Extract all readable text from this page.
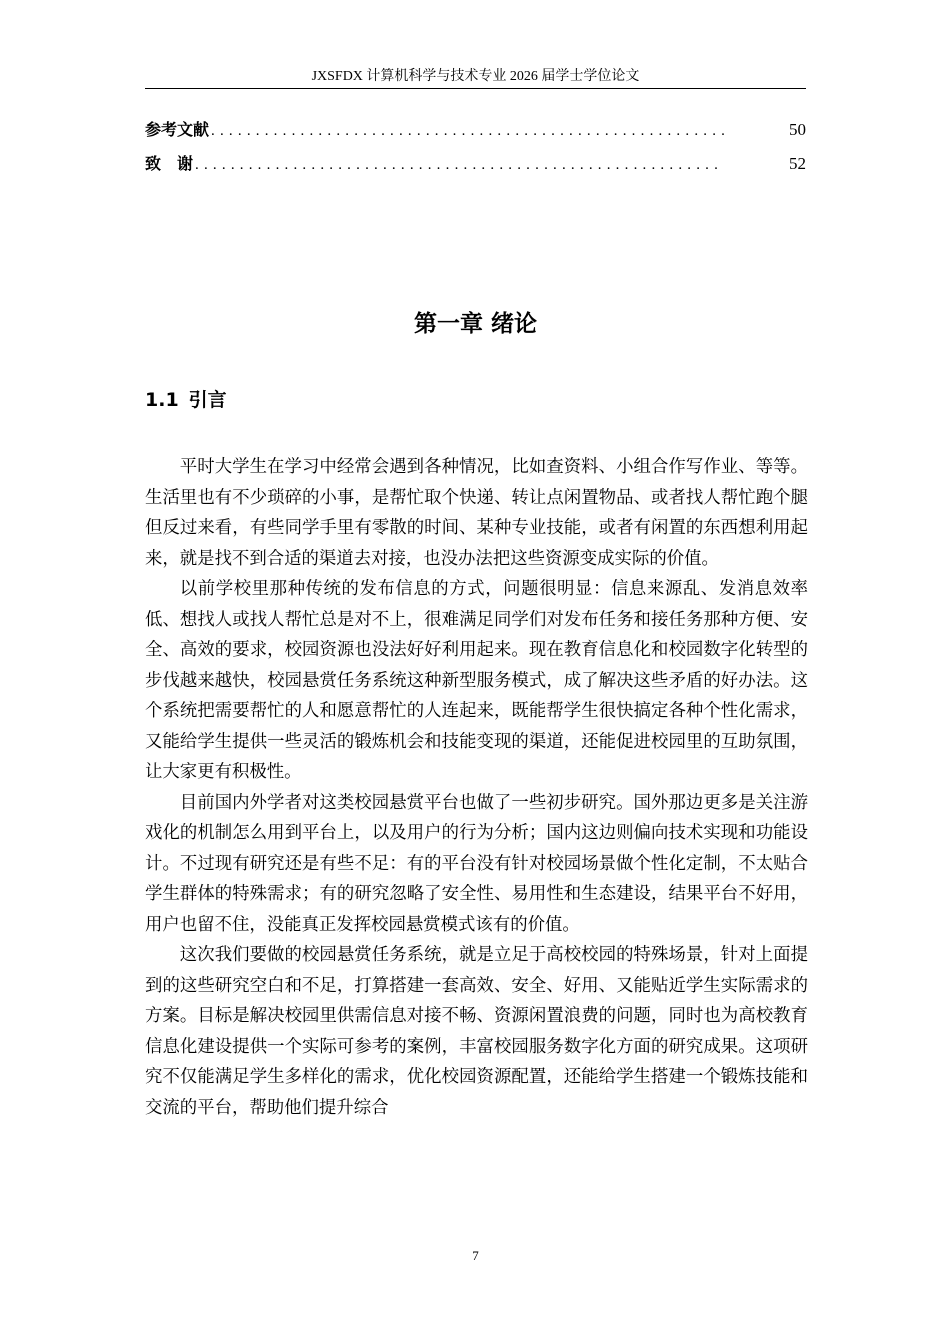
JXSFDX 计算机科学与技术专业 2026 届学士学位论文
参考文献 ..........................................................	50
致 谢 ...........................................................	52
第一章 绪论
1.1 引言

平时大学生在学习中经常会遇到各种情况，比如查资料、小组合作写作业、等等。生活里也有不少琐碎的小事，是帮忙取个快递、转让点闲置物品、或者找人帮忙跑个腿但反过来看，有些同学手里有零散的时间、某种专业技能，或者有闲置的东西想利用起来，就是找不到合适的渠道去对接，也没办法把这些资源变成实际的价值。

以前学校里那种传统的发布信息的方式，问题很明显：信息来源乱、发消息效率低、想找人或找人帮忙总是对不上，很难满足同学们对发布任务和接任务那种方便、安全、高效的要求，校园资源也没法好好利用起来。现在教育信息化和校园数字化转型的步伐越来越快，校园悬赏任务系统这种新型服务模式，成了解决这些矛盾的好办法。这个系统把需要帮忙的人和愿意帮忙的人连起来，既能帮学生很快搞定各种个性化需求，又能给学生提供一些灵活的锻炼机会和技能变现的渠道，还能促进校园里的互助氛围，让大家更有积极性。

目前国内外学者对这类校园悬赏平台也做了一些初步研究。国外那边更多是关注游戏化的机制怎么用到平台上，以及用户的行为分析；国内这边则偏向技术实现和功能设计。不过现有研究还是有些不足：有的平台没有针对校园场景做个性化定制，不太贴合学生群体的特殊需求；有的研究忽略了安全性、易用性和生态建设，结果平台不好用，用户也留不住，没能真正发挥校园悬赏模式该有的价值。

这次我们要做的校园悬赏任务系统，就是立足于高校校园的特殊场景，针对上面提到的这些研究空白和不足，打算搭建一套高效、安全、好用、又能贴近学生实际需求的方案。目标是解决校园里供需信息对接不畅、资源闲置浪费的问题，同时也为高校教育信息化建设提供一个实际可参考的案例，丰富校园服务数字化方面的研究成果。这项研究不仅能满足学生多样化的需求，优化校园资源配置，还能给学生搭建一个锻炼技能和交流的平台，帮助他们提升综合

7
